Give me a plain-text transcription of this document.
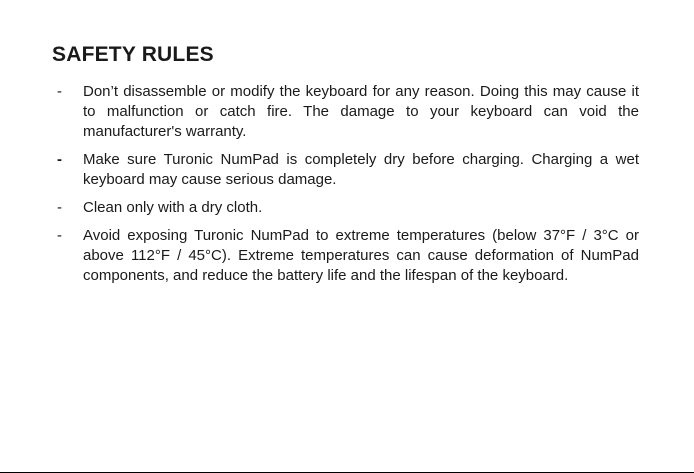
SAFETY RULES
-	Don’t disassemble or modify the keyboard for any reason. Doing this may cause it to malfunction or catch fire. The damage to your keyboard can void the manufacturer's warranty.
-	Make sure Turonic NumPad is completely dry before charging. Charging a wet keyboard may cause serious damage.
-	Clean only with a dry cloth.
-	Avoid exposing Turonic NumPad to extreme temperatures (below 37°F / 3°C or above 112°F / 45°C). Extreme temperatures can cause deformation of NumPad components, and reduce the battery life and the lifespan of the keyboard.
